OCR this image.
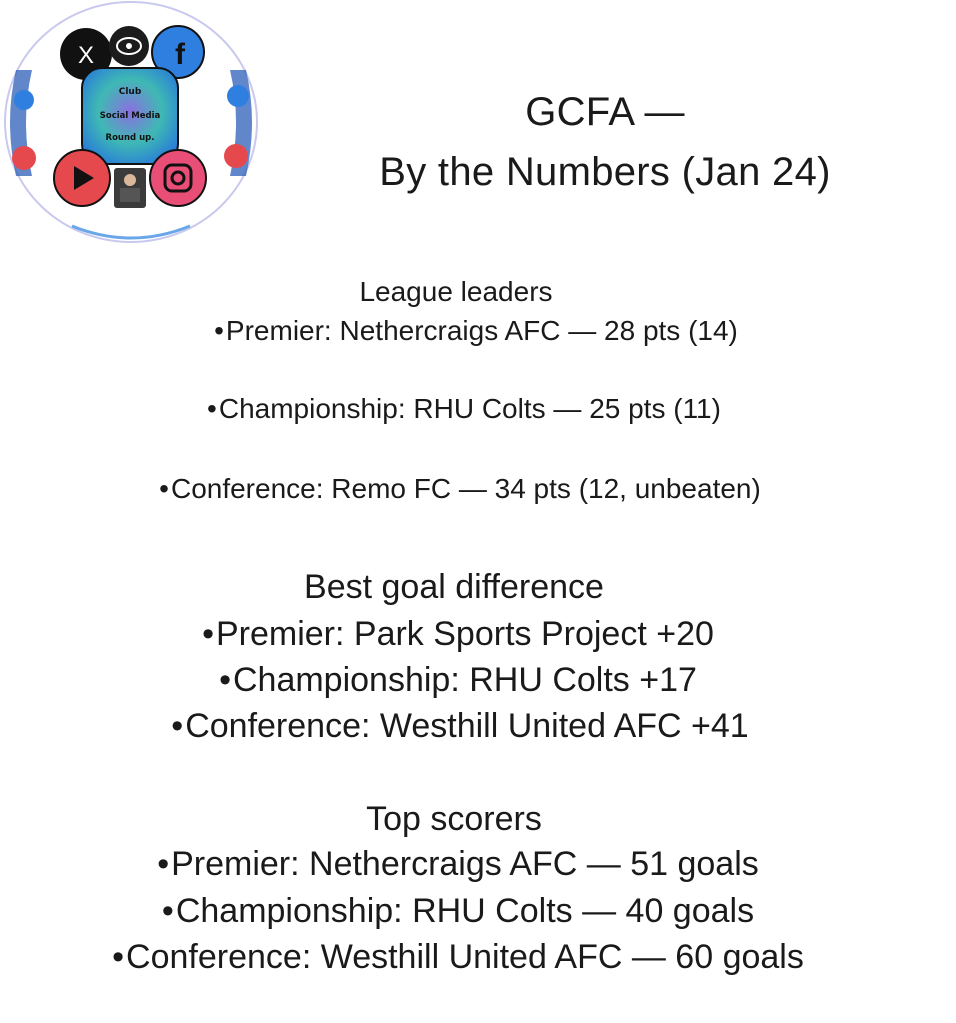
X	f
Club
Social Media
Round up.
GCFA —
By the Numbers (Jan 24)
League leaders
•Premier: Nethercraigs AFC — 28 pts (14)
•Championship: RHU Colts — 25 pts (11)
•Conference: Remo FC — 34 pts (12, unbeaten)
Best goal difference
•Premier: Park Sports Project +20
•Championship: RHU Colts +17
•Conference: Westhill United AFC +41
Top scorers
•Premier: Nethercraigs AFC — 51 goals
•Championship: RHU Colts — 40 goals
•Conference: Westhill United AFC — 60 goals
